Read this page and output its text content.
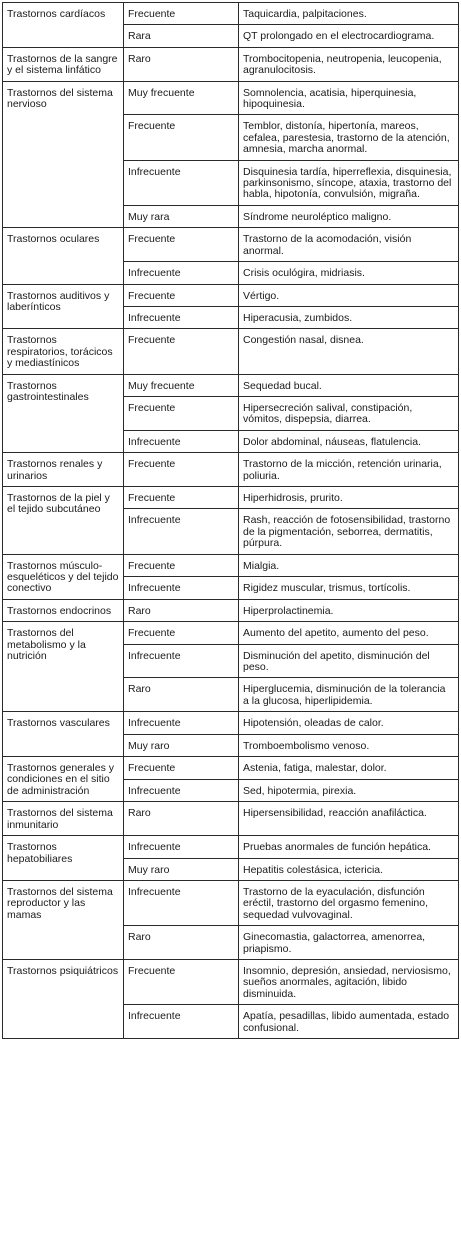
Trastornos cardíacos	Frecuente	Taquicardia, palpitaciones.
	Rara	QT prolongado en el electrocardiograma.
Trastornos de la sangre y el sistema linfático	Raro	Trombocitopenia, neutropenia, leucopenia, agranulocitosis.
Trastornos del sistema nervioso	Muy frecuente	Somnolencia, acatisia, hiperquinesia, hipoquinesia.
	Frecuente	Temblor, distonía, hipertonía, mareos, cefalea, parestesia, trastorno de la atención, amnesia, marcha anormal.
	Infrecuente	Disquinesia tardía, hiperreflexia, disquinesia, parkinsonismo, síncope, ataxia, trastorno del habla, hipotonía, convulsión, migraña.
	Muy rara	Síndrome neuroléptico maligno.
Trastornos oculares	Frecuente	Trastorno de la acomodación, visión anormal.
	Infrecuente	Crisis oculógira, midriasis.
Trastornos auditivos y laberínticos	Frecuente	Vértigo.
	Infrecuente	Hiperacusia, zumbidos.
Trastornos respiratorios, torácicos y mediastínicos	Frecuente	Congestión nasal, disnea.
Trastornos gastrointestinales	Muy frecuente	Sequedad bucal.
	Frecuente	Hipersecreción salival, constipación, vómitos, dispepsia, diarrea.
	Infrecuente	Dolor abdominal, náuseas, flatulencia.
Trastornos renales y urinarios	Frecuente	Trastorno de la micción, retención urinaria, poliuria.
Trastornos de la piel y el tejido subcutáneo	Frecuente	Hiperhidrosis, prurito.
	Infrecuente	Rash, reacción de fotosensibilidad, trastorno de la pigmentación, seborrea, dermatitis, púrpura.
Trastornos músculo-esqueléticos y del tejido conectivo	Frecuente	Mialgia.
	Infrecuente	Rigidez muscular, trismus, tortícolis.
Trastornos endocrinos	Raro	Hiperprolactinemia.
Trastornos del metabolismo y la nutrición	Frecuente	Aumento del apetito, aumento del peso.
	Infrecuente	Disminución del apetito, disminución del peso.
	Raro	Hiperglucemia, disminución de la tolerancia a la glucosa, hiperlipidemia.
Trastornos vasculares	Infrecuente	Hipotensión, oleadas de calor.
	Muy raro	Tromboembolismo venoso.
Trastornos generales y condiciones en el sitio de administración	Frecuente	Astenia, fatiga, malestar, dolor.
	Infrecuente	Sed, hipotermia, pirexia.
Trastornos del sistema inmunitario	Raro	Hipersensibilidad, reacción anafiláctica.
Trastornos hepatobiliares	Infrecuente	Pruebas anormales de función hepática.
	Muy raro	Hepatitis colestásica, ictericia.
Trastornos del sistema reproductor y las mamas	Infrecuente	Trastorno de la eyaculación, disfunción eréctil, trastorno del orgasmo femenino, sequedad vulvovaginal.
	Raro	Ginecomastia, galactorrea, amenorrea, priapismo.
Trastornos psiquiátricos	Frecuente	Insomnio, depresión, ansiedad, nerviosismo, sueños anormales, agitación, libido disminuida.
	Infrecuente	Apatía, pesadillas, libido aumentada, estado confusional.
